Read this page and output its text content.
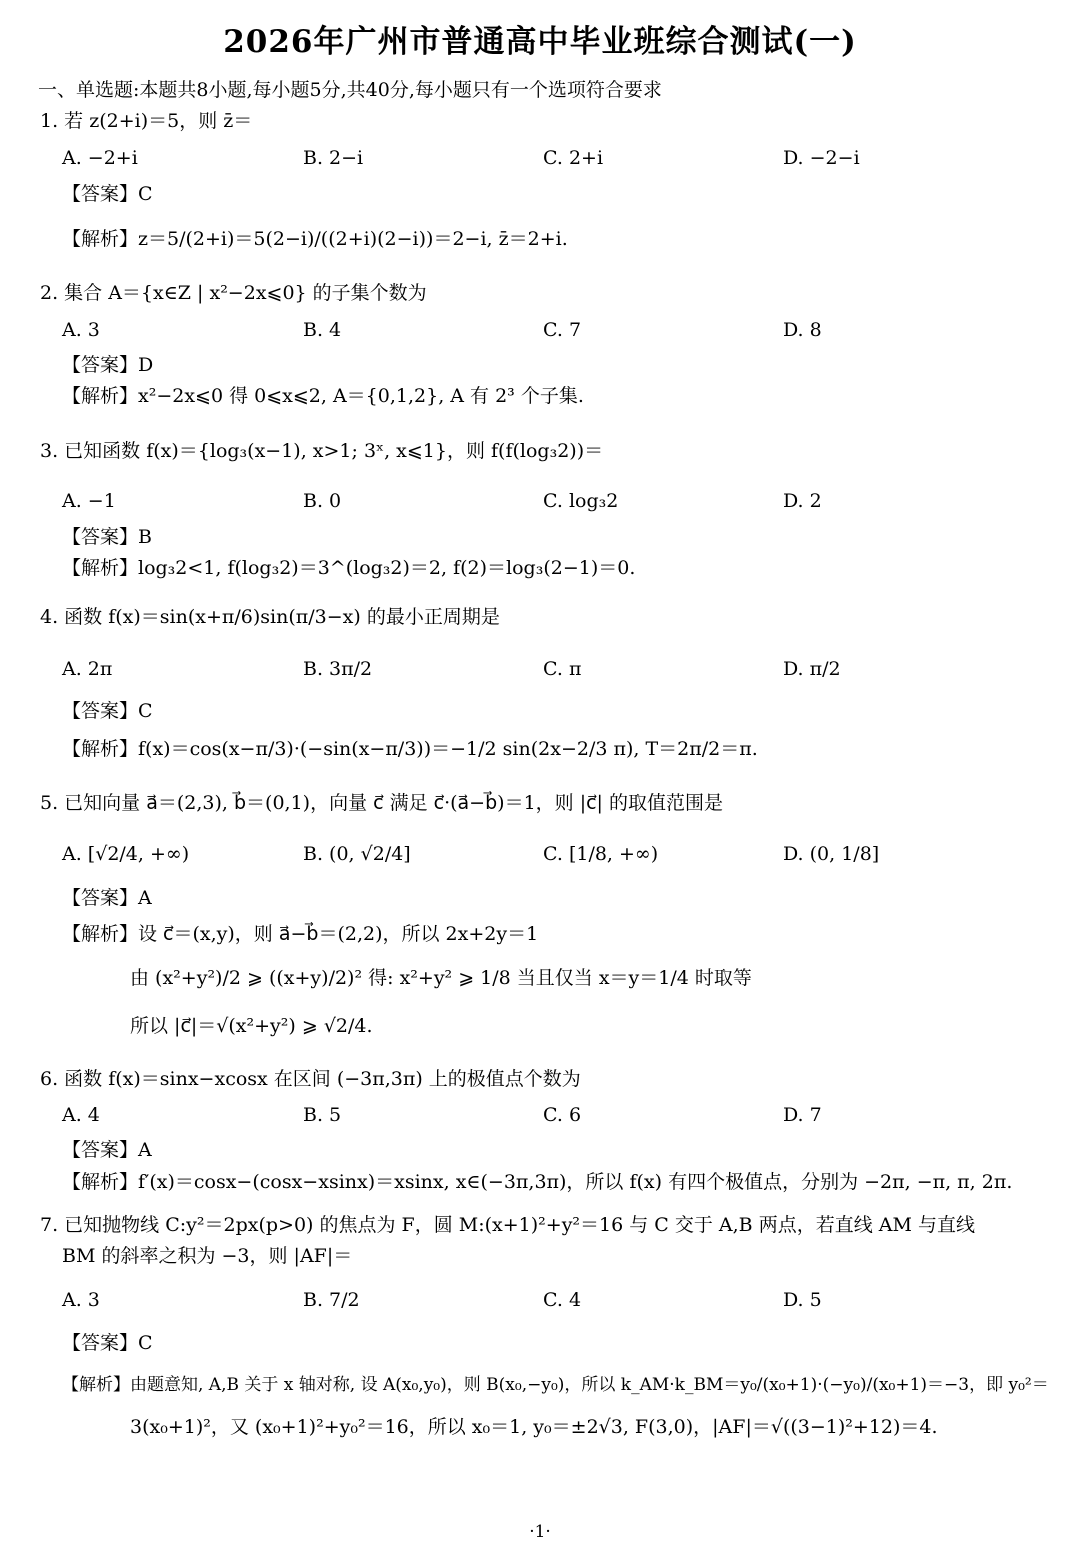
2026年广州市普通高中毕业班综合测试(一)
一、单选题:本题共8小题,每小题5分,共40分,每小题只有一个选项符合要求
1. 若 z(2+i)＝5，则 z̄＝
A. −2+i	B. 2−i	C. 2+i	D. −2−i
【答案】C
【解析】z＝5/(2+i)＝5(2−i)/((2+i)(2−i))＝2−i, z̄＝2+i.
2. 集合 A＝{x∈Z | x²−2x⩽0} 的子集个数为
A. 3	B. 4	C. 7	D. 8
【答案】D
【解析】x²−2x⩽0 得 0⩽x⩽2, A＝{0,1,2}, A 有 2³ 个子集.
3. 已知函数 f(x)＝{log₃(x−1), x>1; 3ˣ, x⩽1}，则 f(f(log₃2))＝
A. −1	B. 0	C. log₃2	D. 2
【答案】B
【解析】log₃2<1, f(log₃2)＝3^(log₃2)＝2, f(2)＝log₃(2−1)＝0.
4. 函数 f(x)＝sin(x+π/6)sin(π/3−x) 的最小正周期是
A. 2π	B. 3π/2	C. π	D. π/2
【答案】C
【解析】f(x)＝cos(x−π/3)·(−sin(x−π/3))＝−1/2 sin(2x−2/3 π), T＝2π/2＝π.
5. 已知向量 a⃗＝(2,3), b⃗＝(0,1)，向量 c⃗ 满足 c⃗·(a⃗−b⃗)＝1，则 |c⃗| 的取值范围是
A. [√2/4, +∞)	B. (0, √2/4]	C. [1/8, +∞)	D. (0, 1/8]
【答案】A
【解析】设 c⃗＝(x,y)，则 a⃗−b⃗＝(2,2)，所以 2x+2y＝1
由 (x²+y²)/2 ⩾ ((x+y)/2)² 得: x²+y² ⩾ 1/8 当且仅当 x＝y＝1/4 时取等
所以 |c⃗|＝√(x²+y²) ⩾ √2/4.
6. 函数 f(x)＝sinx−xcosx 在区间 (−3π,3π) 上的极值点个数为
A. 4	B. 5	C. 6	D. 7
【答案】A
【解析】f′(x)＝cosx−(cosx−xsinx)＝xsinx, x∈(−3π,3π)，所以 f(x) 有四个极值点，分别为 −2π, −π, π, 2π.
7. 已知抛物线 C:y²＝2px(p>0) 的焦点为 F，圆 M:(x+1)²+y²＝16 与 C 交于 A,B 两点，若直线 AM 与直线
BM 的斜率之积为 −3，则 |AF|＝
A. 3	B. 7/2	C. 4	D. 5
【答案】C
【解析】由题意知, A,B 关于 x 轴对称, 设 A(x₀,y₀)，则 B(x₀,−y₀)，所以 k_AM·k_BM＝y₀/(x₀+1)·(−y₀)/(x₀+1)＝−3，即 y₀²＝
3(x₀+1)²，又 (x₀+1)²+y₀²＝16，所以 x₀＝1, y₀＝±2√3, F(3,0)，|AF|＝√((3−1)²+12)＝4.
·1·
